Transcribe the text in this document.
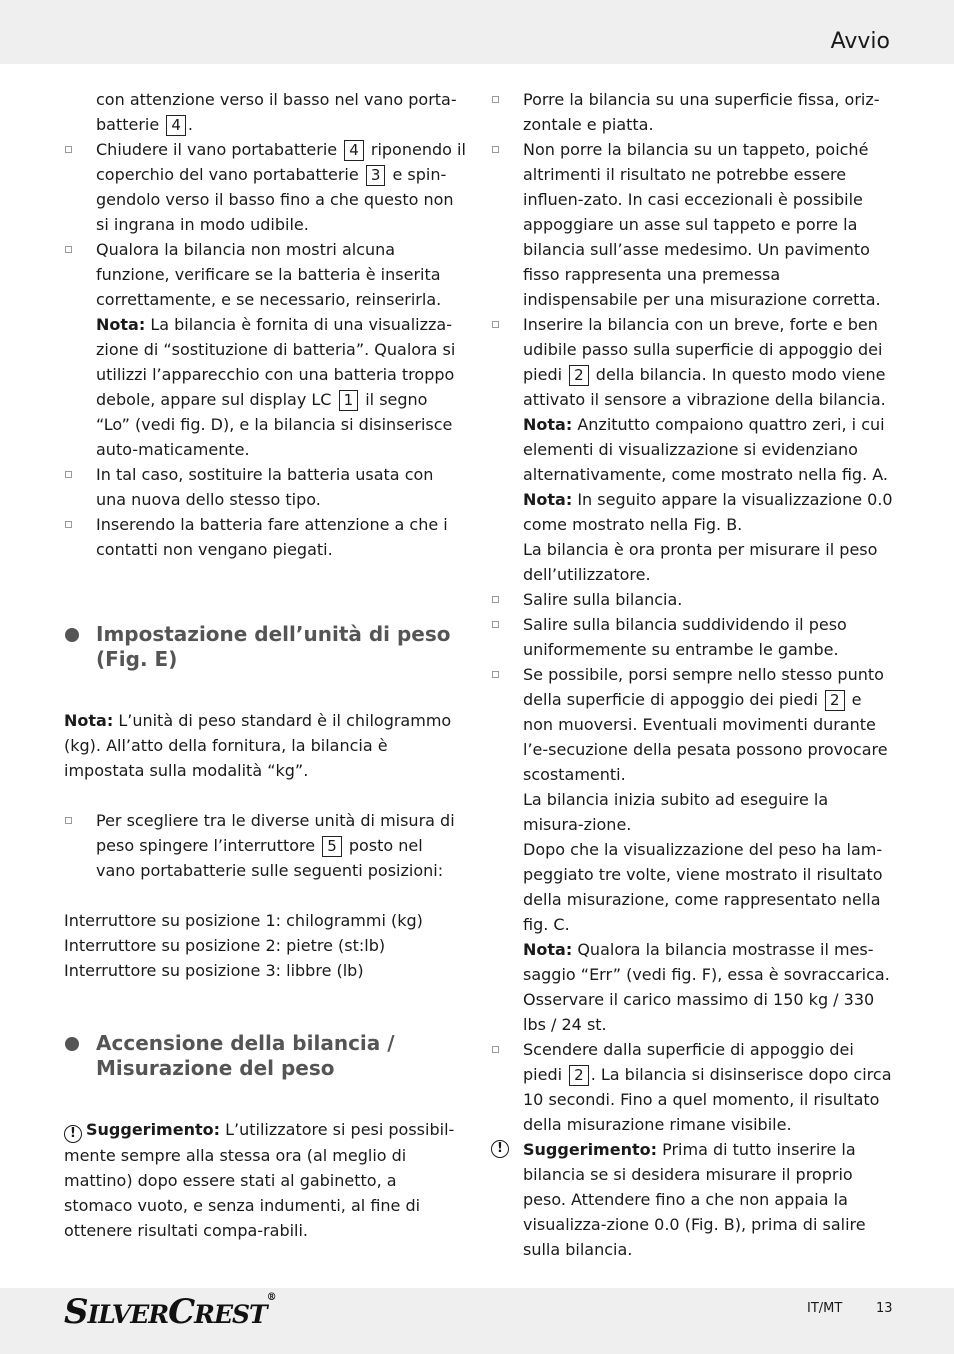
Avvio
con attenzione verso il basso nel vano porta-batterie 4 .
Chiudere il vano portabatterie 4 riponendo il coperchio del vano portabatterie 3 e spin-gendolo verso il basso fino a che questo non si ingrana in modo udibile.
Qualora la bilancia non mostri alcuna funzione, verificare se la batteria è inserita correttamente, e se necessario, reinserirla.
Nota: La bilancia è fornita di una visualizza-zione di “sostituzione di batteria”. Qualora si utilizzi l’apparecchio con una batteria troppo debole, appare sul display LC 1 il segno “Lo” (vedi fig. D), e la bilancia si disinserisce auto-maticamente.
In tal caso, sostituire la batteria usata con una nuova dello stesso tipo.
Inserendo la batteria fare attenzione a che i contatti non vengano piegati.
Impostazione dell’unità di peso (Fig. E)
Nota: L’unità di peso standard è il chilogrammo (kg). All’atto della fornitura, la bilancia è impostata sulla modalità “kg”.
Per scegliere tra le diverse unità di misura di peso spingere l’interruttore 5 posto nel vano portabatterie sulle seguenti posizioni:
Interruttore su posizione 1: chilogrammi (kg)
Interruttore su posizione 2: pietre (st:lb)
Interruttore su posizione 3: libbre (lb)
Accensione della bilancia / Misurazione del peso
! Suggerimento: L’utilizzatore si pesi possibil-mente sempre alla stessa ora (al meglio di mattino) dopo essere stati al gabinetto, a stomaco vuoto, e senza indumenti, al fine di ottenere risultati compa-rabili.
Porre la bilancia su una superficie fissa, oriz-zontale e piatta.
Non porre la bilancia su un tappeto, poiché altrimenti il risultato ne potrebbe essere influen-zato. In casi eccezionali è possibile appoggiare un asse sul tappeto e porre la bilancia sull’asse medesimo. Un pavimento fisso rappresenta una premessa indispensabile per una misurazione corretta.
Inserire la bilancia con un breve, forte e ben udibile passo sulla superficie di appoggio dei piedi 2 della bilancia. In questo modo viene attivato il sensore a vibrazione della bilancia.
Nota: Anzitutto compaiono quattro zeri, i cui elementi di visualizzazione si evidenziano alternativamente, come mostrato nella fig. A.
Nota: In seguito appare la visualizzazione 0.0 come mostrato nella Fig. B.
La bilancia è ora pronta per misurare il peso dell’utilizzatore.
Salire sulla bilancia.
Salire sulla bilancia suddividendo il peso uniformemente su entrambe le gambe.
Se possibile, porsi sempre nello stesso punto della superficie di appoggio dei piedi 2 e non muoversi. Eventuali movimenti durante l’e-secuzione della pesata possono provocare scostamenti.
La bilancia inizia subito ad eseguire la misura-zione.
Dopo che la visualizzazione del peso ha lam-peggiato tre volte, viene mostrato il risultato della misurazione, come rappresentato nella fig. C.
Nota: Qualora la bilancia mostrasse il mes-saggio “Err” (vedi fig. F), essa è sovraccarica. Osservare il carico massimo di 150 kg / 330 lbs / 24 st.
Scendere dalla superficie di appoggio dei piedi 2 . La bilancia si disinserisce dopo circa 10 secondi. Fino a quel momento, il risultato della misurazione rimane visibile.
!	Suggerimento: Prima di tutto inserire la bilancia se si desidera misurare il proprio peso. Attendere fino a che non appaia la visualizza-zione 0.0 (Fig. B), prima di salire sulla bilancia.
SILVERCREST®
IT/MT	13
